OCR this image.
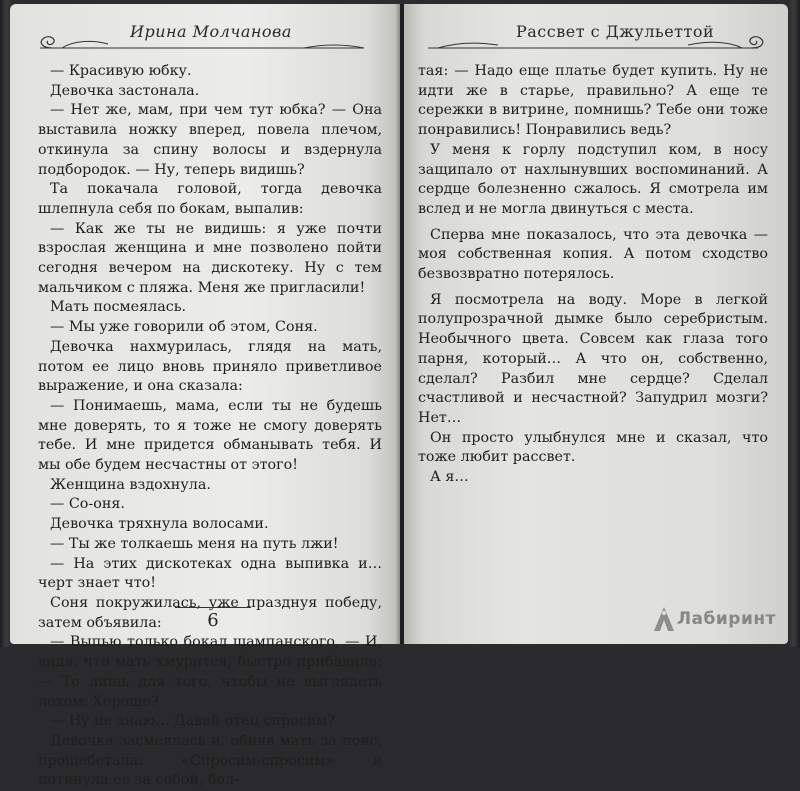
Ирина Молчанова

— Красивую юбку.

Девочка застонала.

— Нет же, мам, при чем тут юбка? — Она выставила ножку вперед, повела плечом, откинула за спину волосы и вздернула подбородок. — Ну, теперь видишь?

Та покачала головой, тогда девочка шлепнула себя по бокам, выпалив:

— Как же ты не видишь: я уже почти взрослая женщина и мне позволено пойти сегодня вечером на дискотеку. Ну с тем мальчиком с пляжа. Меня же пригласили!

Мать посмеялась.

— Мы уже говорили об этом, Соня.

Девочка нахмурилась, глядя на мать, потом ее лицо вновь приняло приветливое выражение, и она сказала:

— Понимаешь, мама, если ты не будешь мне доверять, то я тоже не смогу доверять тебе. И мне придется обманывать тебя. И мы обе будем несчастны от этого!

Женщина вздохнула.

— Со-оня.

Девочка тряхнула волосами.

— Ты же толкаешь меня на путь лжи!

— На этих дискотеках одна выпивка и… черт знает что!

Соня покружилась, уже празднуя победу, затем объявила:

— Выпью только бокал шампанского, — И, видя, что мать хмурится, быстро прибавила: — То лишь для того, чтобы не выглядеть лохом. Хорошо?

— Ну не знаю… Давай отец спросим?

Девочка засмеялась и, обняв мать за пояс, прощебетала: «Спросим-спросим» и потянула ее за собой, бол-

6
Рассвет с Джульеттой

тая: — Надо еще платье будет купить. Ну не идти же в старье, правильно? А еще те сережки в витрине, помнишь? Тебе они тоже понравились! Понравились ведь?

У меня к горлу подступил ком, в носу защипало от нахлынувших воспоминаний. А сердце болезненно сжалось. Я смотрела им вслед и не могла двинуться с места.

Сперва мне показалось, что эта девочка — моя собственная копия. А потом сходство безвозвратно потерялось.

Я посмотрела на воду. Море в легкой полупрозрачной дымке было серебристым. Необычного цвета. Совсем как глаза того парня, который… А что он, собственно, сделал? Разбил мне сердце? Сделал счастливой и несчастной? Запудрил мозги? Нет…

Он просто улыбнулся мне и сказал, что тоже любит рассвет.

А я…

Лабиринт
